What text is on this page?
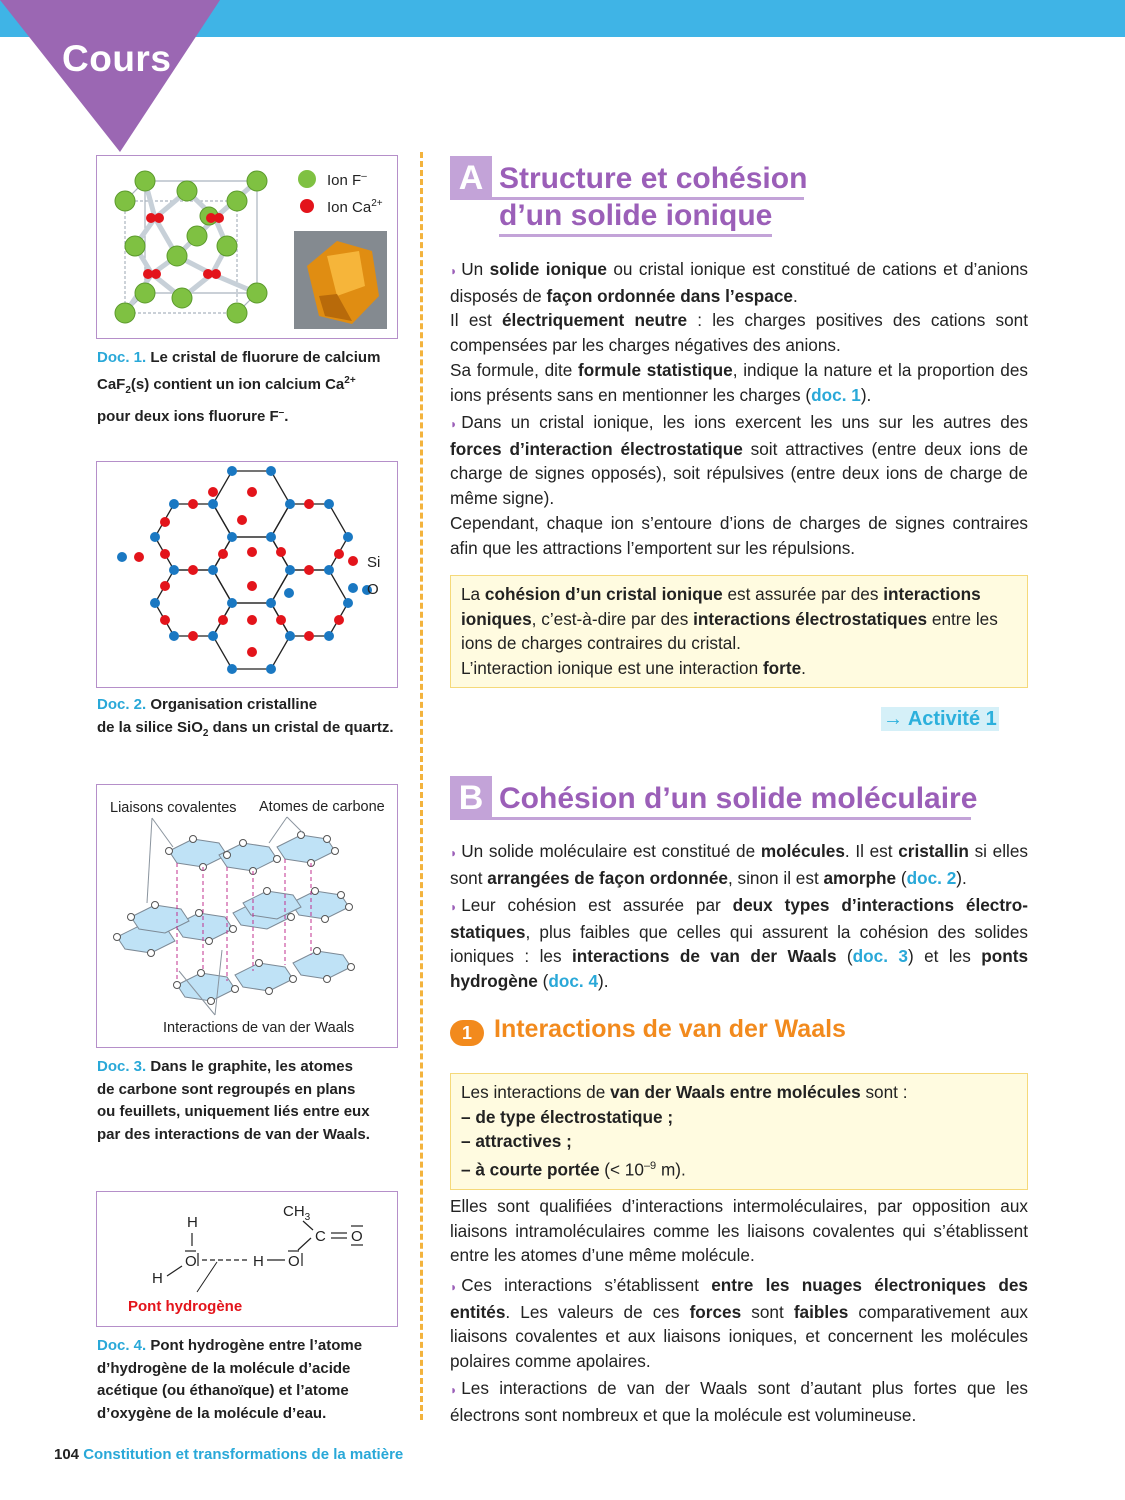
Cours
Ion F–
Ion $Ca^{2+}$
Doc. 1. Le cristal de fluorure de calcium
CaF$_2$(s) contient un ion calcium $Ca^{2+}$
pour deux ions fluorure F–.
Si
O
Doc. 2. Organisation cristalline
de la silice SiO$_2$ dans un cristal de quartz.
Liaisons covalentes Atomes de carbone
Interactions de van der Waals
Doc. 3. Dans le graphite, les atomes
de carbone sont regroupés en plans
ou feuillets, uniquement liés entre eux
par des interactions de van der Waals.
H
O
H
H O
$CH_3$
C O
Pont hydrogène
Doc. 4. Pont hydrogène entre l’atome
d’hydrogène de la molécule d’acide
acétique (ou éthanoïque) et l’atome
d’oxygène de la molécule d’eau.
A Structure et cohésion
d’un solide ionique
◗ Un solide ionique ou cristal ionique est constitué de cations et d’anions disposés de façon ordonnée dans l’espace.
Il est électriquement neutre : les charges positives des cations sont compensées par les charges négatives des anions.
Sa formule, dite formule statistique, indique la nature et la proportion des ions présents sans en mentionner les charges (doc. 1).
◗ Dans un cristal ionique, les ions exercent les uns sur les autres des forces d’interaction électrostatique soit attractives (entre deux ions de charge de signes opposés), soit répulsives (entre deux ions de charge de même signe).
Cependant, chaque ion s’entoure d’ions de charges de signes contraires afin que les attractions l’emportent sur les répulsions.
La cohésion d’un cristal ionique est assurée par des interactions ioniques, c’est-à-dire par des interactions électrostatiques entre les ions de charges contraires du cristal.
L’interaction ionique est une interaction forte.
→ Activité 1
B Cohésion d’un solide moléculaire
◗ Un solide moléculaire est constitué de molécules. Il est cristallin si elles sont arrangées de façon ordonnée, sinon il est amorphe (doc. 2).
◗ Leur cohésion est assurée par deux types d’interactions électrostatiques, plus faibles que celles qui assurent la cohésion des solides ioniques : les interactions de van der Waals (doc. 3) et les ponts hydrogène (doc. 4).
1 Interactions de van der Waals
Les interactions de van der Waals entre molécules sont :
– de type électrostatique ;
– attractives ;
– à courte portée (< $10^{-9}$ m).
Elles sont qualifiées d’interactions intermoléculaires, par opposition aux liaisons intramoléculaires comme les liaisons covalentes qui s’établissent entre les atomes d’une même molécule.
◗ Ces interactions s’établissent entre les nuages électroniques des entités. Les valeurs de ces forces sont faibles comparativement aux liaisons covalentes et aux liaisons ioniques, et concernent les molécules polaires comme apolaires.
◗ Les interactions de van der Waals sont d’autant plus fortes que les électrons sont nombreux et que la molécule est volumineuse.
104 Constitution et transformations de la matière
